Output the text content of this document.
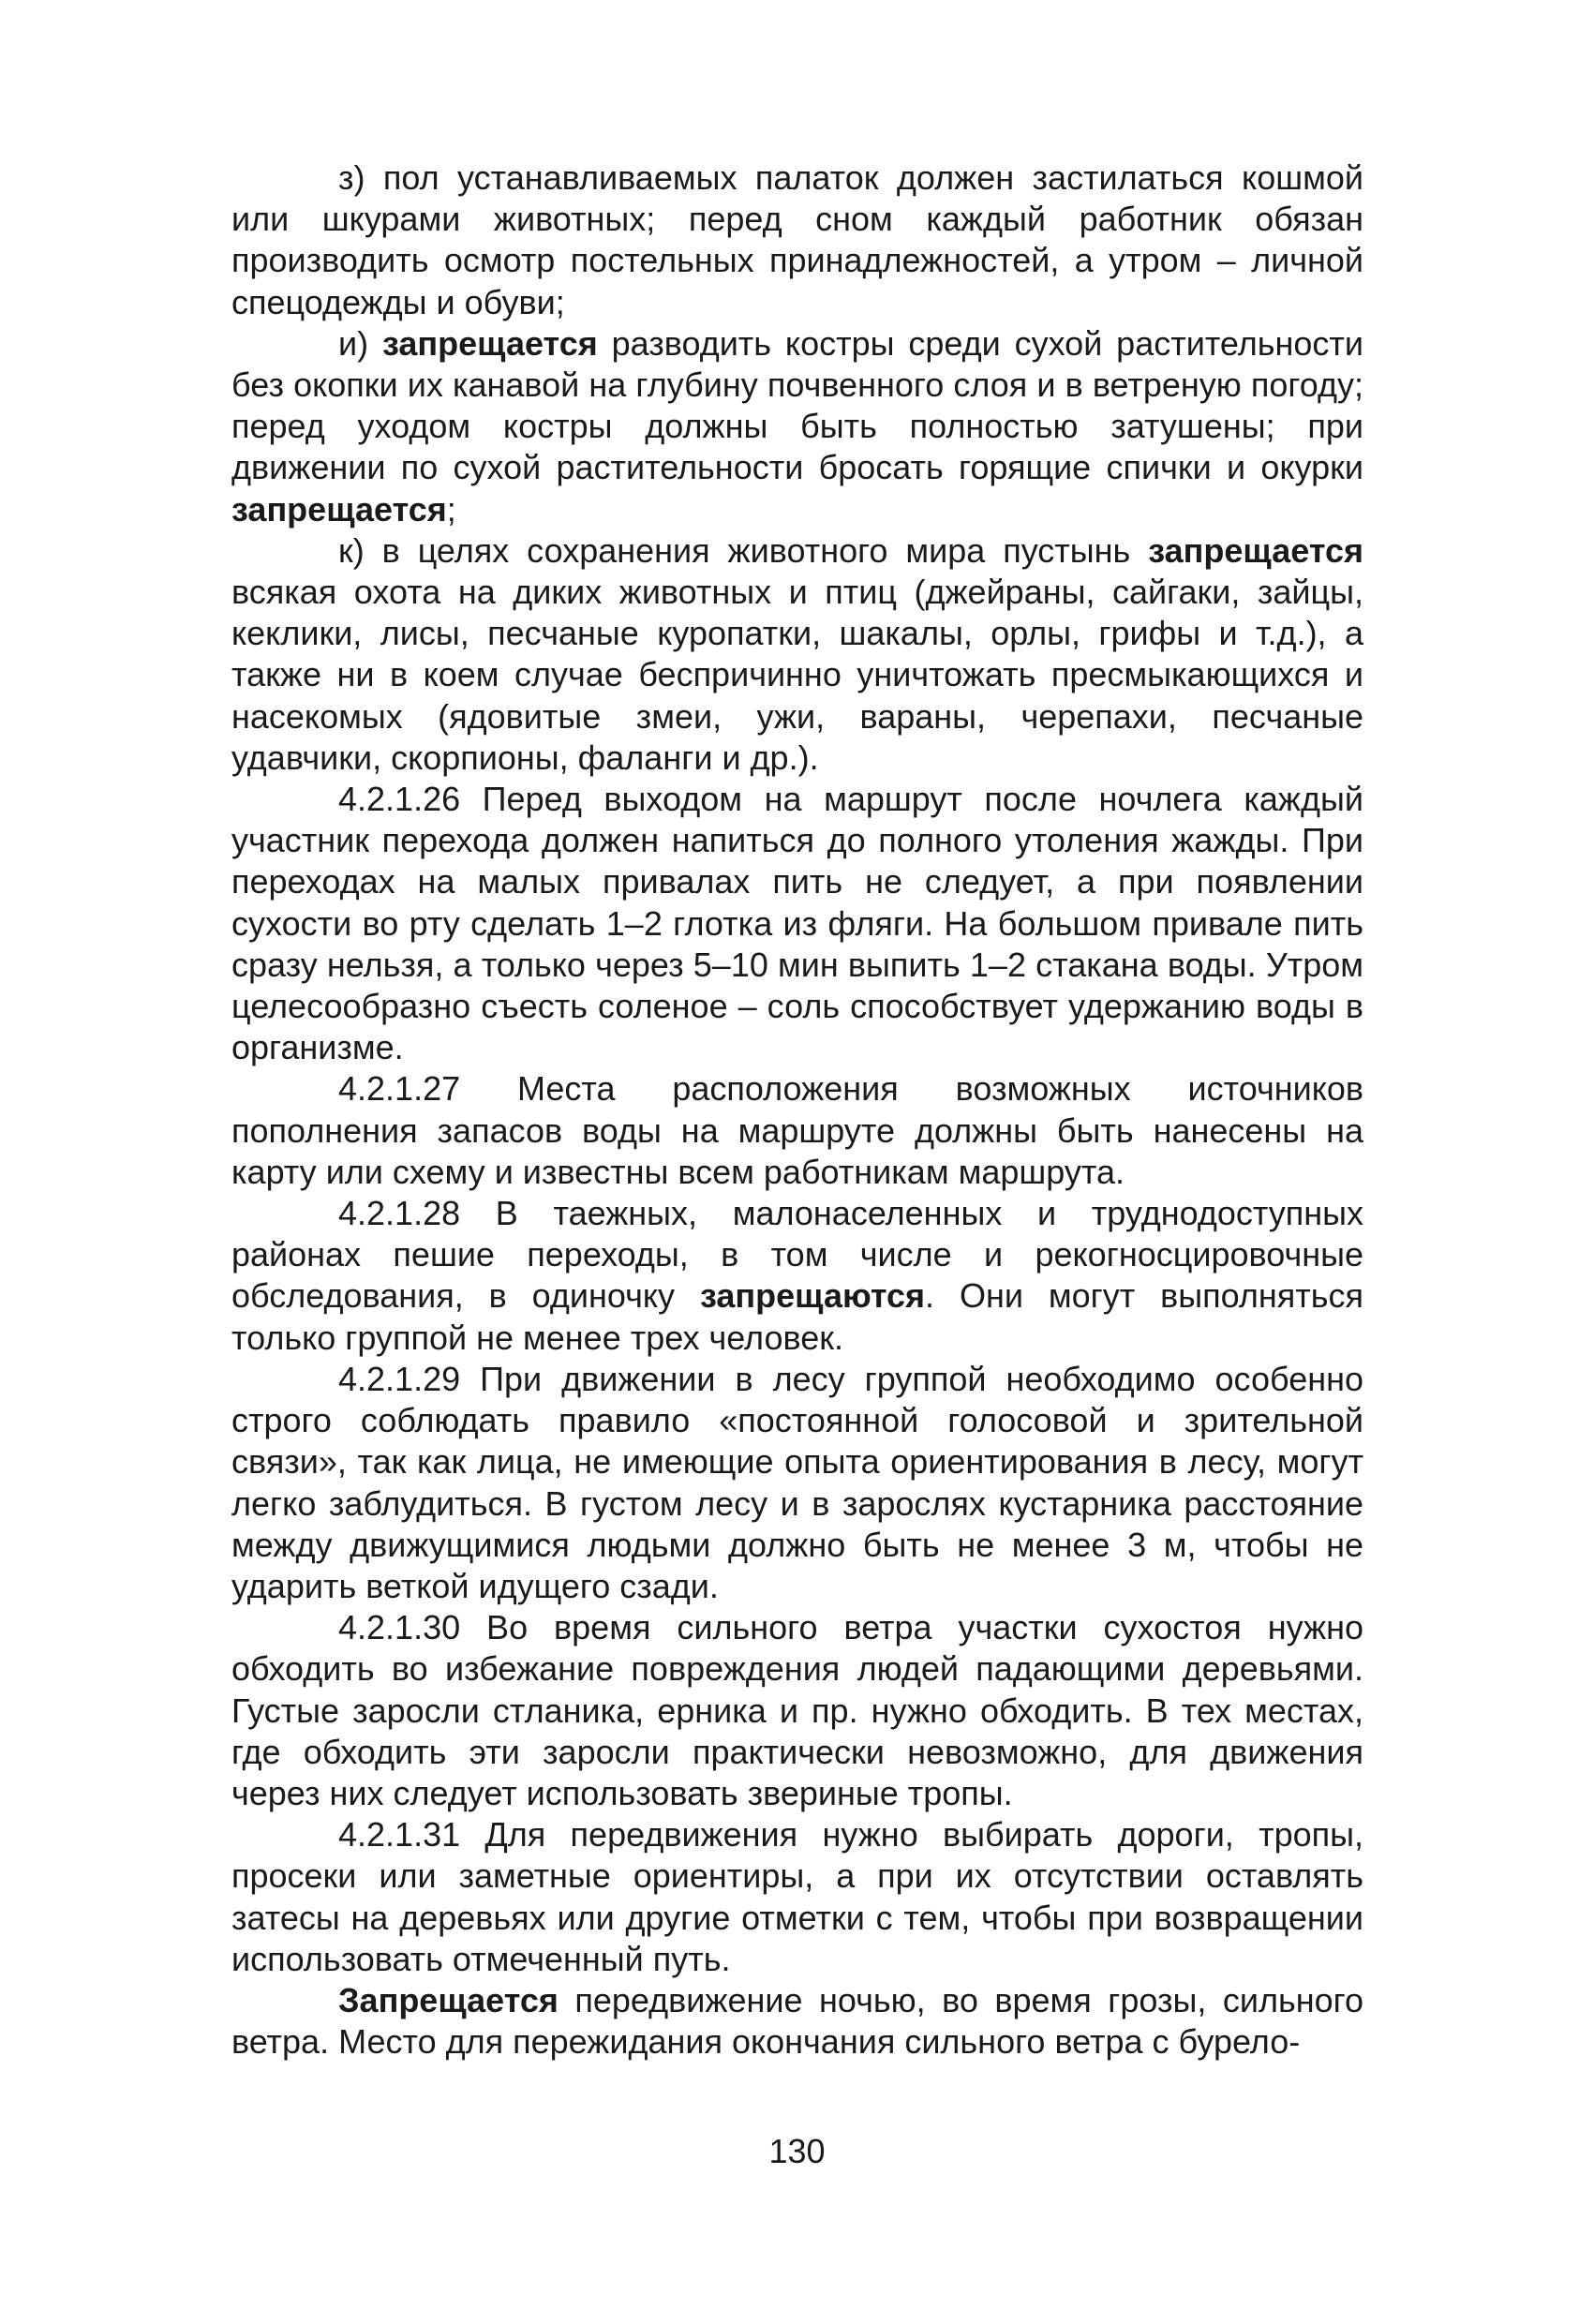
з) пол устанавливаемых палаток должен застилаться кошмой или шкурами животных; перед сном каждый работник обязан производить осмотр постельных принадлежностей, а утром – личной спецодежды и обуви;

и) запрещается разводить костры среди сухой растительности без окопки их канавой на глубину почвенного слоя и в ветреную погоду; перед уходом костры должны быть полностью затушены; при движении по сухой растительности бросать горящие спички и окурки запрещается;

к) в целях сохранения животного мира пустынь запрещается всякая охота на диких животных и птиц (джейраны, сайгаки, зайцы, кеклики, лисы, песчаные куропатки, шакалы, орлы, грифы и т.д.), а также ни в коем случае беспричинно уничтожать пресмыкающихся и насекомых (ядовитые змеи, ужи, вараны, черепахи, песчаные удавчики, скорпионы, фаланги и др.).

4.2.1.26 Перед выходом на маршрут после ночлега каждый участник перехода должен напиться до полного утоления жажды. При переходах на малых привалах пить не следует, а при появлении сухости во рту сделать 1–2 глотка из фляги. На большом привале пить сразу нельзя, а только через 5–10 мин выпить 1–2 стакана воды. Утром целесообразно съесть соленое – соль способствует удержанию воды в организме.

4.2.1.27 Места расположения возможных источников пополнения запасов воды на маршруте должны быть нанесены на карту или схему и известны всем работникам маршрута.

4.2.1.28 В таежных, малонаселенных и труднодоступных районах пешие переходы, в том числе и рекогносцировочные обследования, в одиночку запрещаются. Они могут выполняться только группой не менее трех человек.

4.2.1.29 При движении в лесу группой необходимо особенно строго соблюдать правило «постоянной голосовой и зрительной связи», так как лица, не имеющие опыта ориентирования в лесу, могут легко заблудиться. В густом лесу и в зарослях кустарника расстояние между движущимися людьми должно быть не менее 3 м, чтобы не ударить веткой идущего сзади.

4.2.1.30 Во время сильного ветра участки сухостоя нужно обходить во избежание повреждения людей падающими деревьями. Густые заросли стланика, ерника и пр. нужно обходить. В тех местах, где обходить эти заросли практически невозможно, для движения через них следует использовать звериные тропы.

4.2.1.31 Для передвижения нужно выбирать дороги, тропы, просеки или заметные ориентиры, а при их отсутствии оставлять затесы на деревьях или другие отметки с тем, чтобы при возвращении использовать отмеченный путь.

Запрещается передвижение ночью, во время грозы, сильного ветра. Место для пережидания окончания сильного ветра с бурело-

130
